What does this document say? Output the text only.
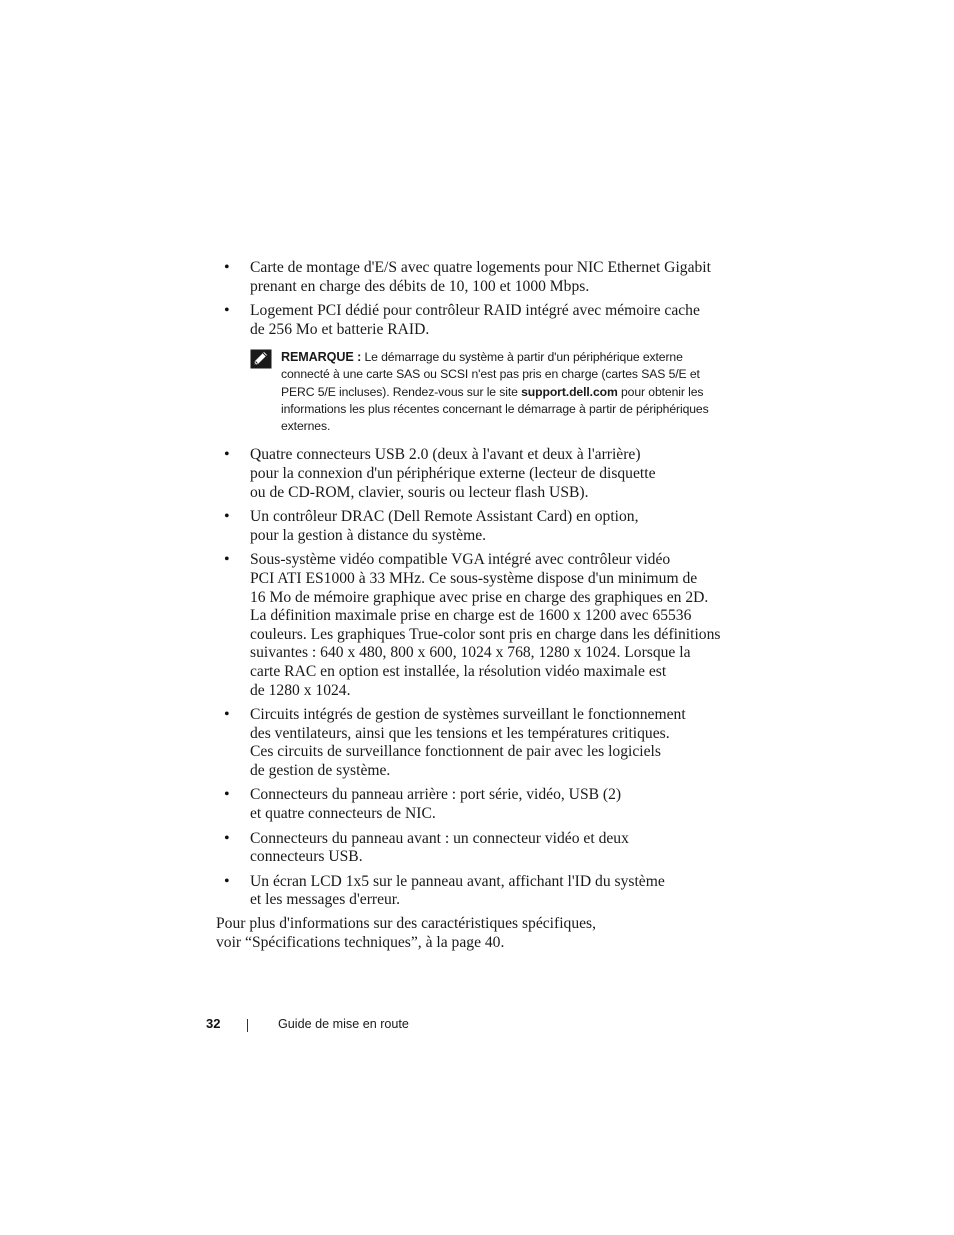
• Carte de montage d'E/S avec quatre logements pour NIC Ethernet Gigabit
prenant en charge des débits de 10, 100 et 1000 Mbps.
• Logement PCI dédié pour contrôleur RAID intégré avec mémoire cache
de 256 Mo et batterie RAID.
• Quatre connecteurs USB 2.0 (deux à l'avant et deux à l'arrière)
pour la connexion d'un périphérique externe (lecteur de disquette
ou de CD-ROM, clavier, souris ou lecteur flash USB).
• Un contrôleur DRAC (Dell Remote Assistant Card) en option,
pour la gestion à distance du système.
• Sous-système vidéo compatible VGA intégré avec contrôleur vidéo
PCI ATI ES1000 à 33 MHz. Ce sous-système dispose d'un minimum de
16 Mo de mémoire graphique avec prise en charge des graphiques en 2D.
La définition maximale prise en charge est de 1600 x 1200 avec 65536
couleurs. Les graphiques True-color sont pris en charge dans les définitions
suivantes : 640 x 480, 800 x 600, 1024 x 768, 1280 x 1024. Lorsque la
carte RAC en option est installée, la résolution vidéo maximale est
de 1280 x 1024.
• Circuits intégrés de gestion de systèmes surveillant le fonctionnement
des ventilateurs, ainsi que les tensions et les températures critiques.
Ces circuits de surveillance fonctionnent de pair avec les logiciels
de gestion de système.
• Connecteurs du panneau arrière : port série, vidéo, USB (2)
et quatre connecteurs de NIC.
• Connecteurs du panneau avant : un connecteur vidéo et deux
connecteurs USB.
• Un écran LCD 1x5 sur le panneau avant, affichant l'ID du système
et les messages d'erreur.
REMARQUE : Le démarrage du système à partir d'un périphérique externe connecté à une carte SAS ou SCSI n'est pas pris en charge (cartes SAS 5/E et PERC 5/E incluses). Rendez-vous sur le site support.dell.com pour obtenir les informations les plus récentes concernant le démarrage à partir de périphériques externes.

Pour plus d'informations sur des caractéristiques spécifiques,
voir “Spécifications techniques”, à la page 40.

32	Guide de mise en route
